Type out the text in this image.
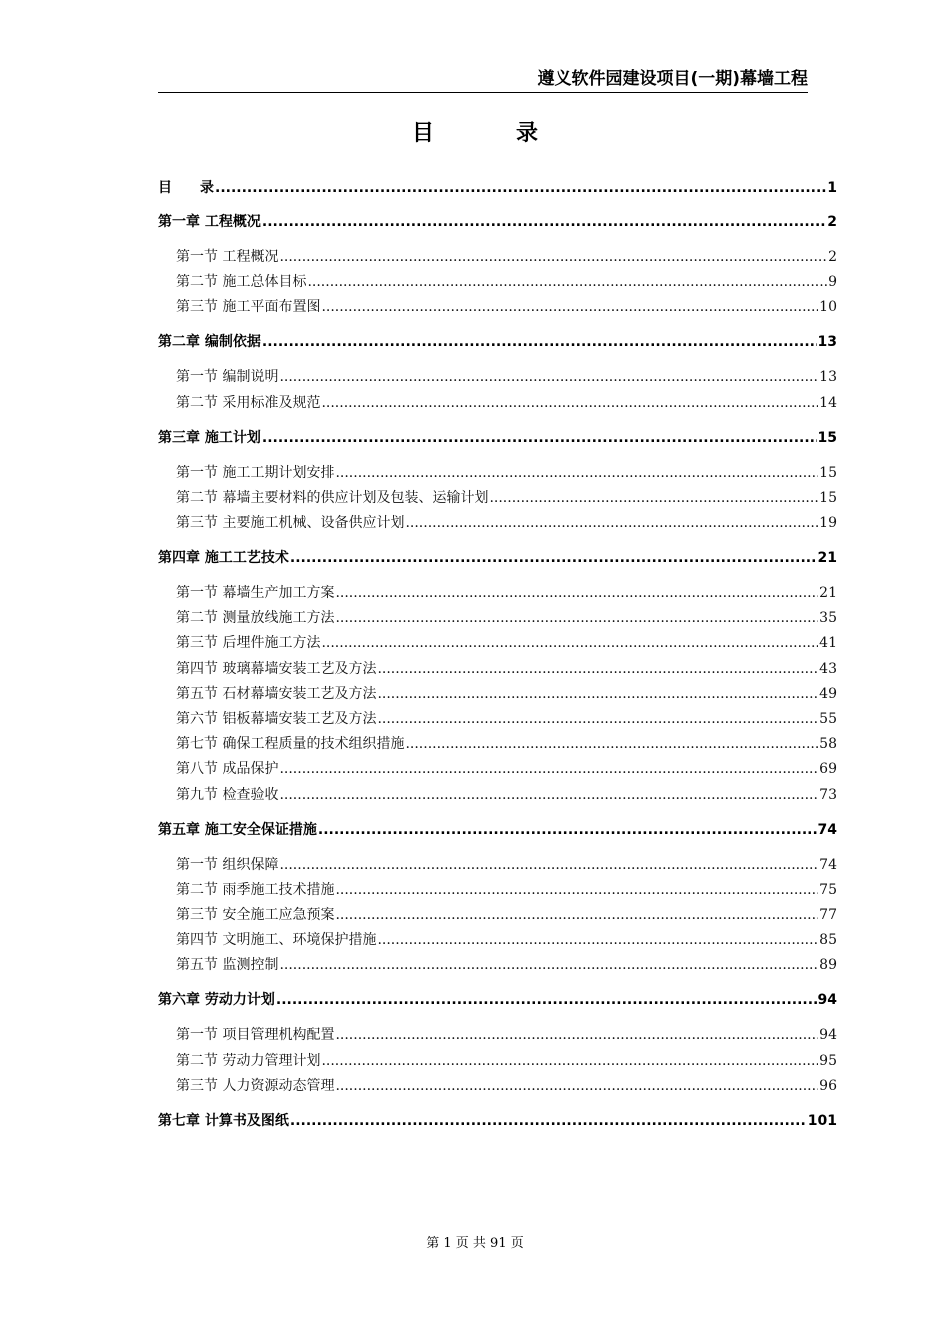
遵义软件园建设项目(一期)幕墙工程
目　录
目　　录 .....	1
第一章 工程概况 .....	2
第一节 工程概况 .....	2
第二节 施工总体目标 .....	9
第三节 施工平面布置图 .....	10
第二章 编制依据 .....	13
第一节 编制说明 .....	13
第二节 采用标准及规范 .....	14
第三章 施工计划 .....	15
第一节 施工工期计划安排 .....	15
第二节 幕墙主要材料的供应计划及包装、运输计划 .....	15
第三节 主要施工机械、设备供应计划 .....	19
第四章 施工工艺技术 .....	21
第一节 幕墙生产加工方案 .....	21
第二节 测量放线施工方法 .....	35
第三节 后埋件施工方法 .....	41
第四节 玻璃幕墙安装工艺及方法 .....	43
第五节 石材幕墙安装工艺及方法 .....	49
第六节 铝板幕墙安装工艺及方法 .....	55
第七节 确保工程质量的技术组织措施 .....	58
第八节 成品保护 .....	69
第九节 检查验收 .....	73
第五章 施工安全保证措施 .....	74
第一节 组织保障 .....	74
第二节 雨季施工技术措施 .....	75
第三节 安全施工应急预案 .....	77
第四节 文明施工、环境保护措施 .....	85
第五节 监测控制 .....	89
第六章 劳动力计划 .....	94
第一节 项目管理机构配置 .....	94
第二节 劳动力管理计划 .....	95
第三节 人力资源动态管理 .....	96
第七章 计算书及图纸 .....	101
第 1 页 共 91 页
